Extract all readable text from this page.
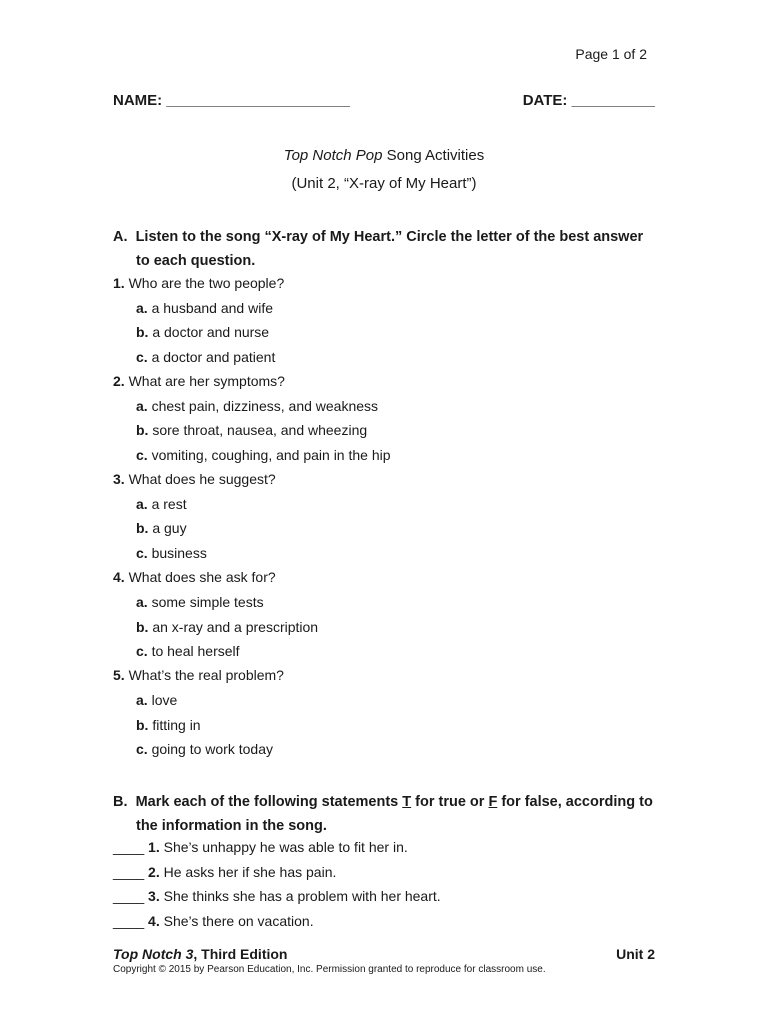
Page 1 of 2
NAME: ______________________	DATE: __________
Top Notch Pop Song Activities
(Unit 2, “X-ray of My Heart”)
A. Listen to the song “X-ray of My Heart.” Circle the letter of the best answer to each question.
1. Who are the two people?
a. a husband and wife
b. a doctor and nurse
c. a doctor and patient
2. What are her symptoms?
a. chest pain, dizziness, and weakness
b. sore throat, nausea, and wheezing
c. vomiting, coughing, and pain in the hip
3. What does he suggest?
a. a rest
b. a guy
c. business
4. What does she ask for?
a. some simple tests
b. an x-ray and a prescription
c. to heal herself
5. What’s the real problem?
a. love
b. fitting in
c. going to work today
B. Mark each of the following statements T for true or F for false, according to the information in the song.
____ 1. She’s unhappy he was able to fit her in.
____ 2. He asks her if she has pain.
____ 3. She thinks she has a problem with her heart.
____ 4. She’s there on vacation.
Top Notch 3, Third Edition	Unit 2
Copyright © 2015 by Pearson Education, Inc. Permission granted to reproduce for classroom use.
